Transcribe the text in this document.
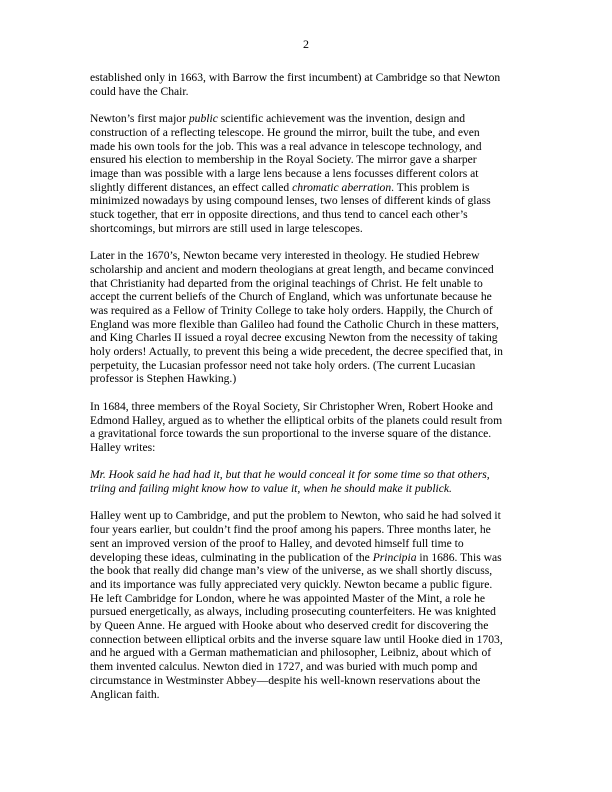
2

established only in 1663, with Barrow the first incumbent) at Cambridge so that Newton
could have the Chair.

Newton’s first major public scientific achievement was the invention, design and
construction of a reflecting telescope. He ground the mirror, built the tube, and even
made his own tools for the job. This was a real advance in telescope technology, and
ensured his election to membership in the Royal Society. The mirror gave a sharper
image than was possible with a large lens because a lens focusses different colors at
slightly different distances, an effect called chromatic aberration. This problem is
minimized nowadays by using compound lenses, two lenses of different kinds of glass
stuck together, that err in opposite directions, and thus tend to cancel each other’s
shortcomings, but mirrors are still used in large telescopes.

Later in the 1670’s, Newton became very interested in theology. He studied Hebrew
scholarship and ancient and modern theologians at great length, and became convinced
that Christianity had departed from the original teachings of Christ. He felt unable to
accept the current beliefs of the Church of England, which was unfortunate because he
was required as a Fellow of Trinity College to take holy orders. Happily, the Church of
England was more flexible than Galileo had found the Catholic Church in these matters,
and King Charles II issued a royal decree excusing Newton from the necessity of taking
holy orders! Actually, to prevent this being a wide precedent, the decree specified that, in
perpetuity, the Lucasian professor need not take holy orders. (The current Lucasian
professor is Stephen Hawking.)

In 1684, three members of the Royal Society, Sir Christopher Wren, Robert Hooke and
Edmond Halley, argued as to whether the elliptical orbits of the planets could result from
a gravitational force towards the sun proportional to the inverse square of the distance.
Halley writes:

Mr. Hook said he had had it, but that he would conceal it for some time so that others,
triing and failing might know how to value it, when he should make it publick.

Halley went up to Cambridge, and put the problem to Newton, who said he had solved it
four years earlier, but couldn’t find the proof among his papers. Three months later, he
sent an improved version of the proof to Halley, and devoted himself full time to
developing these ideas, culminating in the publication of the Principia in 1686. This was
the book that really did change man’s view of the universe, as we shall shortly discuss,
and its importance was fully appreciated very quickly. Newton became a public figure.
He left Cambridge for London, where he was appointed Master of the Mint, a role he
pursued energetically, as always, including prosecuting counterfeiters. He was knighted
by Queen Anne. He argued with Hooke about who deserved credit for discovering the
connection between elliptical orbits and the inverse square law until Hooke died in 1703,
and he argued with a German mathematician and philosopher, Leibniz, about which of
them invented calculus. Newton died in 1727, and was buried with much pomp and
circumstance in Westminster Abbey—despite his well-known reservations about the
Anglican faith.
